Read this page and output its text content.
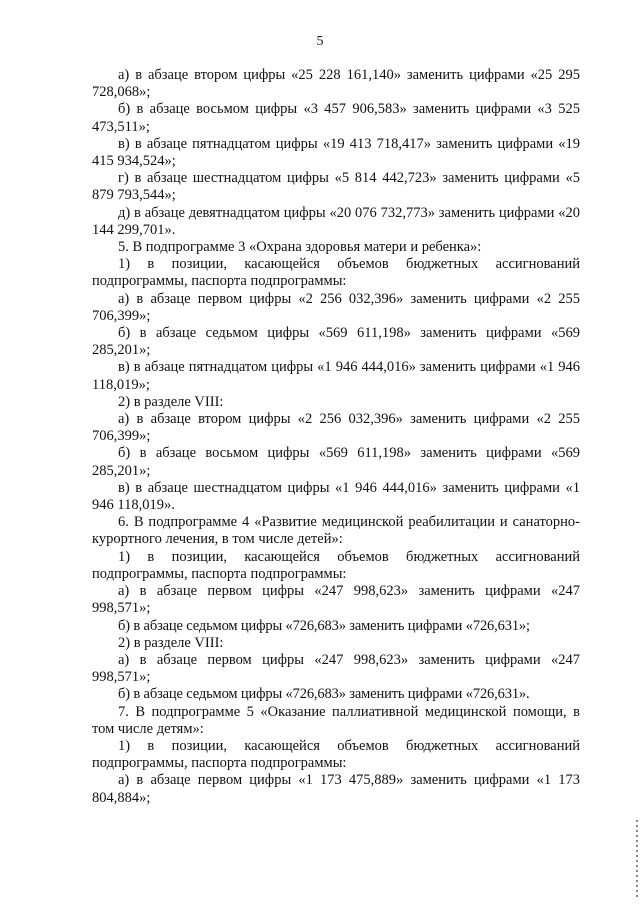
5

а) в абзаце втором цифры «25 228 161,140» заменить цифрами «25 295 728,068»;

б) в абзаце восьмом цифры «3 457 906,583» заменить цифрами «3 525 473,511»;

в) в абзаце пятнадцатом цифры «19 413 718,417» заменить цифрами «19 415 934,524»;

г) в абзаце шестнадцатом цифры «5 814 442,723» заменить цифрами «5 879 793,544»;

д) в абзаце девятнадцатом цифры «20 076 732,773» заменить цифрами «20 144 299,701».

5. В подпрограмме 3 «Охрана здоровья матери и ребенка»:

1) в позиции, касающейся объемов бюджетных ассигнований подпрограммы, паспорта подпрограммы:

а) в абзаце первом цифры «2 256 032,396» заменить цифрами «2 255 706,399»;

б) в абзаце седьмом цифры «569 611,198» заменить цифрами «569 285,201»;

в) в абзаце пятнадцатом цифры «1 946 444,016» заменить цифрами «1 946 118,019»;

2) в разделе VIII:

а) в абзаце втором цифры «2 256 032,396» заменить цифрами «2 255 706,399»;

б) в абзаце восьмом цифры «569 611,198» заменить цифрами «569 285,201»;

в) в абзаце шестнадцатом цифры «1 946 444,016» заменить цифрами «1 946 118,019».

6. В подпрограмме 4 «Развитие медицинской реабилитации и санаторно-курортного лечения, в том числе детей»:

1) в позиции, касающейся объемов бюджетных ассигнований подпрограммы, паспорта подпрограммы:

а) в абзаце первом цифры «247 998,623» заменить цифрами «247 998,571»;

б) в абзаце седьмом цифры «726,683» заменить цифрами «726,631»;

2) в разделе VIII:

а) в абзаце первом цифры «247 998,623» заменить цифрами «247 998,571»;

б) в абзаце седьмом цифры «726,683» заменить цифрами «726,631».

7. В подпрограмме 5 «Оказание паллиативной медицинской помощи, в том числе детям»:

1) в позиции, касающейся объемов бюджетных ассигнований подпрограммы, паспорта подпрограммы:

а) в абзаце первом цифры «1 173 475,889» заменить цифрами «1 173 804,884»;
